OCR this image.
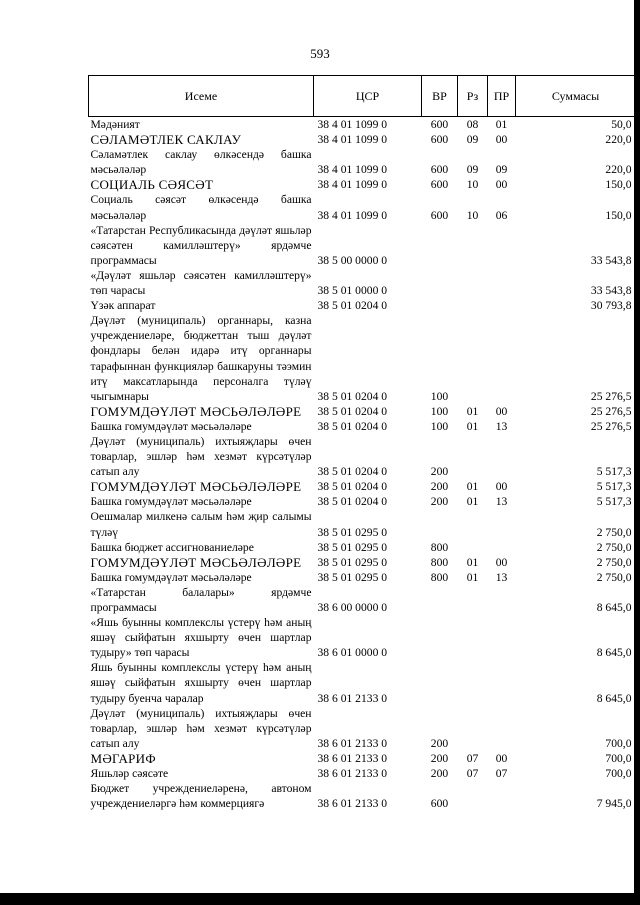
593
Исеме	ЦСР	ВР	Рз	ПР	Суммасы
Мәдәният	38 4 01 1099 0	600	08	01	50,0
СӘЛАМӘТЛЕК САКЛАУ	38 4 01 1099 0	600	09	00	220,0
Сәламәтлек саклау өлкәсендә башка мәсьәләләр	38 4 01 1099 0	600	09	09	220,0
СОЦИАЛЬ СӘЯСӘТ	38 4 01 1099 0	600	10	00	150,0
Социаль сәясәт өлкәсендә башка мәсьәләләр	38 4 01 1099 0	600	10	06	150,0
«Татарстан Республикасында дәүләт яшьләр сәясәтен камилләштерү» ярдәмче программасы	38 5 00 0000 0				33 543,8
«Дәүләт яшьләр сәясәтен камилләштерү» төп чарасы	38 5 01 0000 0				33 543,8
Үзәк аппарат	38 5 01 0204 0				30 793,8
Дәүләт (муниципаль) органнары, казна учреждениеләре, бюджеттан тыш дәүләт фондлары белән идарә итү органнары тарафыннан функцияләр башкаруны тәэмин итү максатларында персоналга түләү чыгымнары	38 5 01 0204 0	100			25 276,5
ГОМУМДӘҮЛӘТ МӘСЬӘЛӘЛӘРЕ	38 5 01 0204 0	100	01	00	25 276,5
Башка гомумдәүләт мәсьәләләре	38 5 01 0204 0	100	01	13	25 276,5
Дәүләт (муниципаль) ихтыяҗлары өчен товарлар, эшләр һәм хезмәт күрсәтүләр сатып алу	38 5 01 0204 0	200			5 517,3
ГОМУМДӘҮЛӘТ МӘСЬӘЛӘЛӘРЕ	38 5 01 0204 0	200	01	00	5 517,3
Башка гомумдәүләт мәсьәләләре	38 5 01 0204 0	200	01	13	5 517,3
Оешмалар милкенә салым һәм җир салымы түләү	38 5 01 0295 0				2 750,0
Башка бюджет ассигнованиеләре	38 5 01 0295 0	800			2 750,0
ГОМУМДӘҮЛӘТ МӘСЬӘЛӘЛӘРЕ	38 5 01 0295 0	800	01	00	2 750,0
Башка гомумдәүләт мәсьәләләре	38 5 01 0295 0	800	01	13	2 750,0
«Татарстан балалары» ярдәмче программасы	38 6 00 0000 0				8 645,0
«Яшь буынны комплекслы үстерү һәм аның яшәү сыйфатын яхшырту өчен шартлар тудыру» төп чарасы	38 6 01 0000 0				8 645,0
Яшь буынны комплекслы үстерү һәм аның яшәү сыйфатын яхшырту өчен шартлар тудыру буенча чаралар	38 6 01 2133 0				8 645,0
Дәүләт (муниципаль) ихтыяҗлары өчен товарлар, эшләр һәм хезмәт күрсәтүләр сатып алу	38 6 01 2133 0	200			700,0
МӘГАРИФ	38 6 01 2133 0	200	07	00	700,0
Яшьләр сәясәте	38 6 01 2133 0	200	07	07	700,0
Бюджет учреждениеләренә, автоном учреждениеләргә һәм коммерциягә	38 6 01 2133 0	600			7 945,0
